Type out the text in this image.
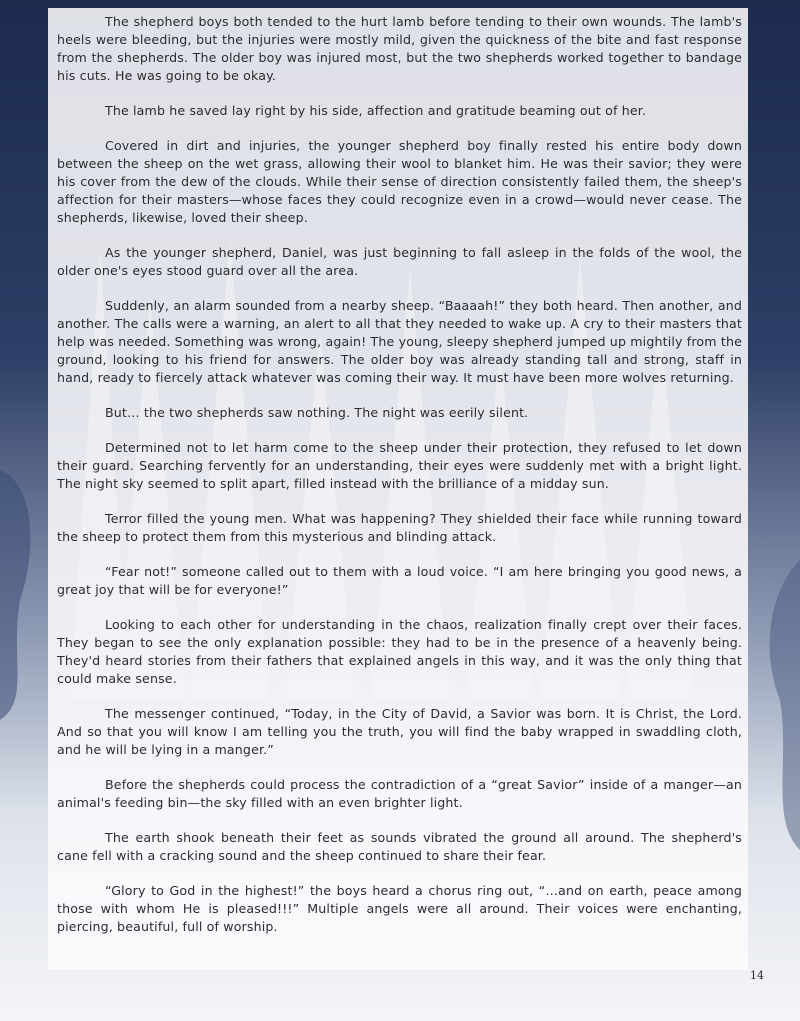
The shepherd boys both tended to the hurt lamb before tending to their own wounds. The lamb's heels were bleeding, but the injuries were mostly mild, given the quickness of the bite and fast response from the shepherds. The older boy was injured most, but the two shepherds worked together to bandage his cuts. He was going to be okay.

The lamb he saved lay right by his side, affection and gratitude beaming out of her.

Covered in dirt and injuries, the younger shepherd boy finally rested his entire body down between the sheep on the wet grass, allowing their wool to blanket him. He was their savior; they were his cover from the dew of the clouds. While their sense of direction consistently failed them, the sheep's affection for their masters—whose faces they could recognize even in a crowd—would never cease. The shepherds, likewise, loved their sheep.

As the younger shepherd, Daniel, was just beginning to fall asleep in the folds of the wool, the older one's eyes stood guard over all the area.

Suddenly, an alarm sounded from a nearby sheep. “Baaaah!” they both heard. Then another, and another. The calls were a warning, an alert to all that they needed to wake up. A cry to their masters that help was needed. Something was wrong, again! The young, sleepy shepherd jumped up mightily from the ground, looking to his friend for answers. The older boy was already standing tall and strong, staff in hand, ready to fiercely attack whatever was coming their way. It must have been more wolves returning.

But… the two shepherds saw nothing. The night was eerily silent.

Determined not to let harm come to the sheep under their protection, they refused to let down their guard. Searching fervently for an understanding, their eyes were suddenly met with a bright light. The night sky seemed to split apart, filled instead with the brilliance of a midday sun.

Terror filled the young men. What was happening? They shielded their face while running toward the sheep to protect them from this mysterious and blinding attack.

“Fear not!” someone called out to them with a loud voice. “I am here bringing you good news, a great joy that will be for everyone!”

Looking to each other for understanding in the chaos, realization finally crept over their faces. They began to see the only explanation possible: they had to be in the presence of a heavenly being. They'd heard stories from their fathers that explained angels in this way, and it was the only thing that could make sense.

The messenger continued, “Today, in the City of David, a Savior was born. It is Christ, the Lord. And so that you will know I am telling you the truth, you will find the baby wrapped in swaddling cloth, and he will be lying in a manger.”

Before the shepherds could process the contradiction of a “great Savior” inside of a manger—an animal's feeding bin—the sky filled with an even brighter light.

The earth shook beneath their feet as sounds vibrated the ground all around. The shepherd's cane fell with a cracking sound and the sheep continued to share their fear.

“Glory to God in the highest!” the boys heard a chorus ring out, “…and on earth, peace among those with whom He is pleased!!!” Multiple angels were all around. Their voices were enchanting, piercing, beautiful, full of worship.

14
